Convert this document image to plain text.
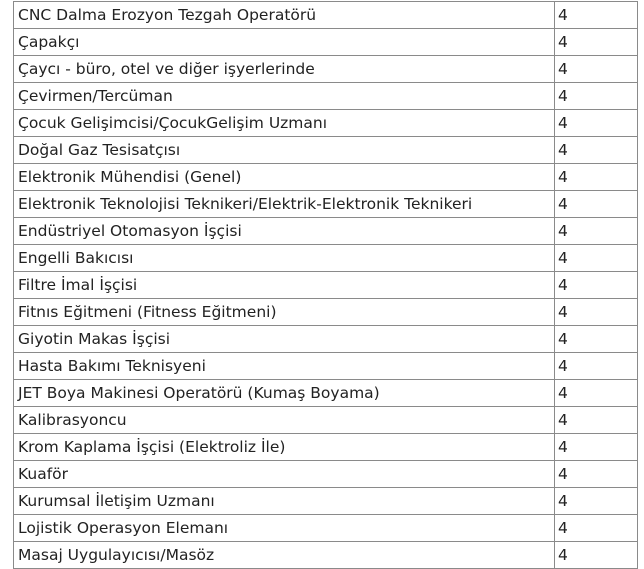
CNC Dalma Erozyon Tezgah Operatörü	4
Çapakçı	4
Çaycı - büro, otel ve diğer işyerlerinde	4
Çevirmen/Tercüman	4
Çocuk Gelişimcisi/ÇocukGelişim Uzmanı	4
Doğal Gaz Tesisatçısı	4
Elektronik Mühendisi (Genel)	4
Elektronik Teknolojisi Teknikeri/Elektrik-Elektronik Teknikeri	4
Endüstriyel Otomasyon İşçisi	4
Engelli Bakıcısı	4
Filtre İmal İşçisi	4
Fitnıs Eğitmeni (Fitness Eğitmeni)	4
Giyotin Makas İşçisi	4
Hasta Bakımı Teknisyeni	4
JET Boya Makinesi Operatörü (Kumaş Boyama)	4
Kalibrasyoncu	4
Krom Kaplama İşçisi (Elektroliz İle)	4
Kuaför	4
Kurumsal İletişim Uzmanı	4
Lojistik Operasyon Elemanı	4
Masaj Uygulayıcısı/Masöz	4
